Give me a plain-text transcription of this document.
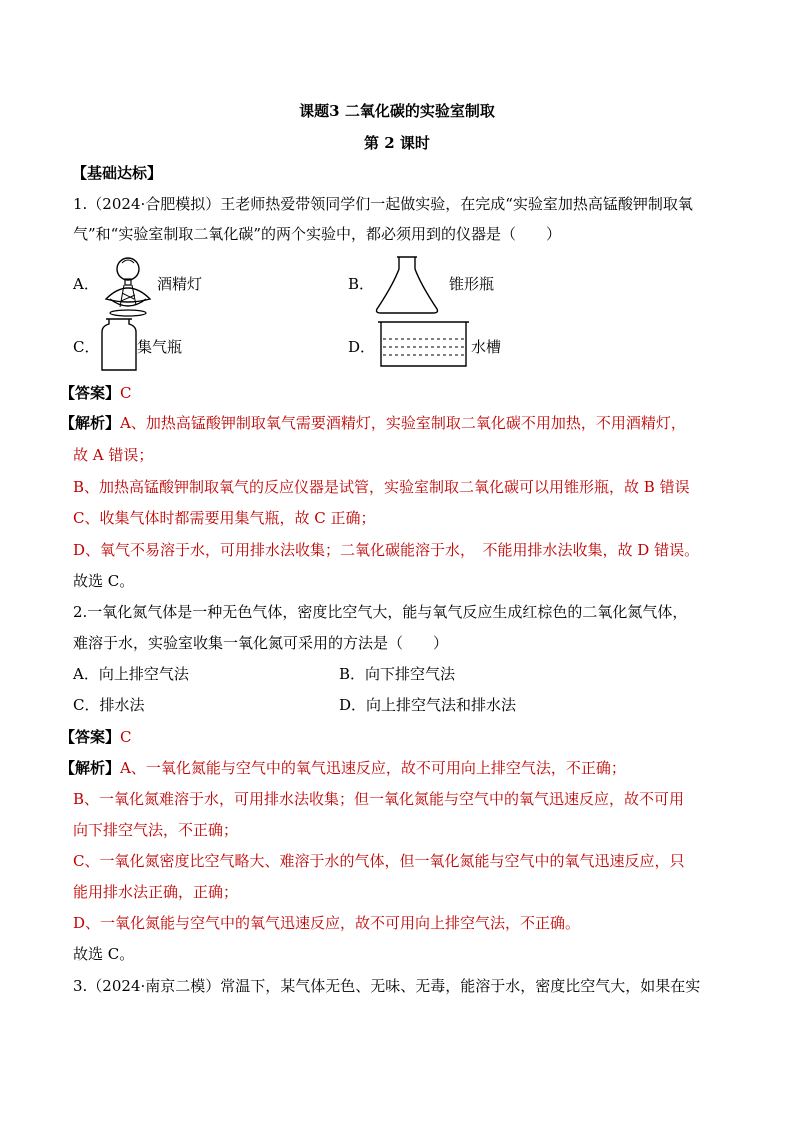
课题3 二氧化碳的实验室制取
第 2 课时
【基础达标】
1.（2024·合肥模拟）王老师热爱带领同学们一起做实验，在完成“实验室加热高锰酸钾制取氧
气”和“实验室制取二氧化碳”的两个实验中，都必须用到的仪器是（　　）
A．	酒精灯	B．	锥形瓶
C．	集气瓶	D．	水槽
【答案】C
【解析】A、加热高锰酸钾制取氧气需要酒精灯，实验室制取二氧化碳不用加热，不用酒精灯，
故 A 错误；
B、加热高锰酸钾制取氧气的反应仪器是试管，实验室制取二氧化碳可以用锥形瓶，故 B 错误
C、收集气体时都需要用集气瓶，故 C 正确；
D、氧气不易溶于水，可用排水法收集；二氧化碳能溶于水，　不能用排水法收集，故 D 错误。
故选 C。
2.一氧化氮气体是一种无色气体，密度比空气大，能与氧气反应生成红棕色的二氧化氮气体，
难溶于水，实验室收集一氧化氮可采用的方法是（　　）
A．向上排空气法	B．向下排空气法
C．排水法	D．向上排空气法和排水法
【答案】C
【解析】A、一氧化氮能与空气中的氧气迅速反应，故不可用向上排空气法，不正确；
B、一氧化氮难溶于水，可用排水法收集；但一氧化氮能与空气中的氧气迅速反应，故不可用
向下排空气法，不正确；
C、一氧化氮密度比空气略大、难溶于水的气体，但一氧化氮能与空气中的氧气迅速反应，只
能用排水法正确，正确；
D、一氧化氮能与空气中的氧气迅速反应，故不可用向上排空气法，不正确。
故选 C。
3.（2024·南京二模）常温下，某气体无色、无味、无毒，能溶于水，密度比空气大，如果在实
